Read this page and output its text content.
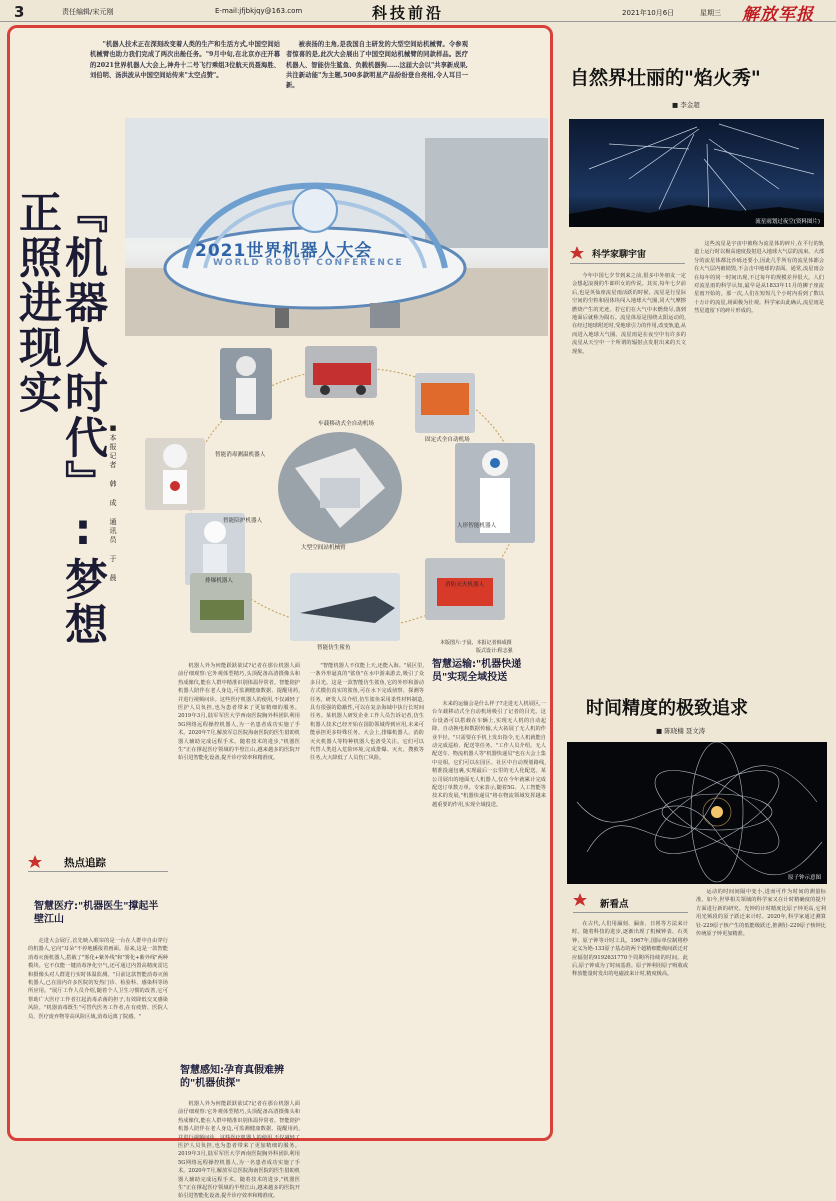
3	责任编辑/宋元刚	E-mail:jfjbkjqy@163.com	科技前沿	2021年10月6日	星期三 解放军报
2021世界机器人大会
WORLD ROBOT CONFERENCE
"机器人技术正在深刻改变着人类的生产和生活方式,中国空间站机械臂也助力我们完成了两次出舱任务。"9月中旬,在北京亦庄开幕的2021世界机器人大会上,神舟十二号飞行乘组3位航天员聂海胜、刘伯明、汤洪波从中国空间站传来"太空点赞"。
被表扬的主角,是我国自主研发的大型空间站机械臂。令参观者惊喜的是,此次大会展出了中国空间站机械臂的同款样品。医疗机器人、智能仿生鲨鱼、负载机器狗……这届大会以"共享新成果,共注新动能"为主题,500多款明星产品纷纷登台亮相,令人耳目一新。
『机器人时代』:梦想正照进现实
■本报记者 韩 成 通讯员 于 晨	车载移动式全自动机场
固定式全自动机场
智能消毒测温机器人
智能陪护机器人
人形智能机器人
大型空间站机械臂
排爆机器人
消防灭火机器人
智能仿生鲨鱼
本版图片:于晨、本报记者韩成摄
版式设计:程志强
热点追踪
智慧医疗:"机器医生"撑起半壁江山
走进大会展厅,首先映入眼帘的是一台在人群中自由穿行的机器人,它向"耳朵"不停地播报着画面。原来,这是一款智能消毒灭菌机器人,搭载了"雾化+紫外线"和"雾化+紫外线"两种模块。它不仅能一键消毒净化空气,还可通过内置高精度雷达和摄像头对人群进行实时体温监测。"目前这款智能消毒灭菌机器人,已在国内许多医院的发热门诊、检验科、感染科等场所应用。"展厅工作人员介绍,随着个人卫生习惯的改善,它可帮助广大医疗工作者扛起消毒杀菌的担子,有效降低交叉感染风险。"机器消毒既生"可替代医务工作者,在有疫情、医院人员、医疗废弃物等高风险区域,消毒远离了院感。"
机器人外为何能跃跃欲试?记者在那台机器人面前仔细观察:它外观体型精巧,头顶配备高清摄像头和热成像仪,能在人群中精准识别体温异常者。智能陪护机器人陪伴在老人身边,可监测健康数据、提醒用药,并进行视频问诊。这些医疗机器人的使用,不仅减轻了医护人员负担,也为患者带来了更加精细的服务。2019年3月,陆军军医大学西南医院胸外科团队利用5G网络远程操控机器人,为一名患者成功实施了手术。2020年7月,解放军总医院海南医院的医生借助机器人辅助完成远程手术。随着技术的进步,"机器医生"正在撑起医疗领域的半壁江山,越来越多的医院开始引进智能化设备,提升诊疗效率和精准度。
智慧感知:孕育真假难辨的"机器侦探"
"智能机器人不仅能上天,还能入海。"展区里,一条外形逼真的"鲨鱼"在水中游来游去,吸引了众多目光。这是一款智能仿生鲨鱼,它的外形和游动方式模仿真实的鲨鱼,可在水下完成侦察、探测等任务。研发人员介绍,仿生鲨鱼采用柔性材料制造,具有很强的隐蔽性,可以在复杂海域中执行长时间任务。某机器人研发企业工作人员告诉记者,仿生机器人技术已经开始在国防领域得到应用,未来可能承担更多特殊任务。大会上,排爆机器人、消防灭火机器人等特种机器人也备受关注。它们可以代替人类进入危险环境,完成排爆、灭火、搜救等任务,大大降低了人员伤亡风险。
智慧运输:"机器快递员"实现全域投送
未来的运输会是什么样子?走进无人机展区,一台车载移动式全自动机场吸引了记者的目光。这台设备可以搭载在车辆上,实现无人机的自动起降、自动换电和数据传输,大大拓展了无人机的作业半径。"只需要在手机上发出指令,无人机就能自动完成巡检、配送等任务。"工作人员介绍。无人配送车、物流机器人等"机器快递员"也在大会上集中亮相。它们可以在园区、社区中自动规划路线,精准投递包裹,实现最后一公里的无人化配送。某公司展出的地面无人机器人,仅在今年就累计完成配送订单数万单。专家表示,随着5G、人工智能等技术的发展,"机器快递员"将在物流领域发挥越来越重要的作用,实现全域投送。
机器人外为何能跃跃欲试?记者在那台机器人面前仔细观察:它外观体型精巧,头顶配备高清摄像头和热成像仪,能在人群中精准识别体温异常者。智能陪护机器人陪伴在老人身边,可监测健康数据、提醒用药,并进行视频问诊。这些医疗机器人的使用,不仅减轻了医护人员负担,也为患者带来了更加精细的服务。2019年3月,陆军军医大学西南医院胸外科团队利用5G网络远程操控机器人,为一名患者成功实施了手术。2020年7月,解放军总医院海南医院的医生借助机器人辅助完成远程手术。随着技术的进步,"机器医生"正在撑起医疗领域的半壁江山,越来越多的医院开始引进智能化设备,提升诊疗效率和精准度。
自然界壮丽的"焰火秀"
■ 李金超
流星雨划过夜空(资料图片)
科学家聊宇宙
今年中国七夕节到来之前,很多中外朋友一定会想起浪漫的牛郎织女的传说。其实,每年七夕前后,也是英仙座流星雨活跃的时候。流星是行星际空间的尘粒和固体块闯入地球大气圈,同大气摩擦燃烧产生的光迹。若它们在大气中未燃烧尽,落到地面后就称为陨石。流星体原是围绕太阳运动的,在经过地球附近时,受地球引力的作用,改变轨道,从而进入地球大气圈。流星雨是在夜空中有许多的流星从天空中一个所谓的辐射点发射出来的天文现象。
这些流星是宇宙中被称为流星体的碎片,在平行的轨道上运行时以极高速度投射进入地球大气层的流束。大部分的流星体都比沙砾还要小,因此几乎所有的流星体都会在大气层内被销毁,不会击中地球的表面。通常,流星雨会在每年的同一时间出现,不过每年的规模差异很大。人们对流星雨的科学认知,最早是从1833年11月的狮子座流星雨开始的。那一次,人们在短短几个小时内看到了数以十万计的流星,场面极为壮观。科学家由此确认,流星雨是彗星遗留下的碎片形成的。
时间精度的极致追求
■ 陈晓楠 聂文涛
原子钟示意图
新看点
在古代,人们用漏刻、漏壶、日晷等方法来计时。随着科技的进步,逐渐出现了机械钟表、石英钟、原子钟等计时工具。1967年,国际单位制将秒定义为铯-133原子基态的两个超精细能级间跃迁对应辐射的9192631770个周期所持续的时间。此后,原子钟成为了时间基准。原子钟利用原子吸收或释放能量时发出的电磁波来计时,精度极高。
运动的时间间隔中变小,进而可作为时间的测量标准。如今,世界相关领域的科学家又在计时精确度的提升方面进行新的研究。光钟的计时精度比原子钟更高,它利用光频段的原子跃迁来计时。2020年,科学家通过测算钍-229原子核产生的低能级跃迁,推测钍-229原子核钟比传统原子钟更加精准。
